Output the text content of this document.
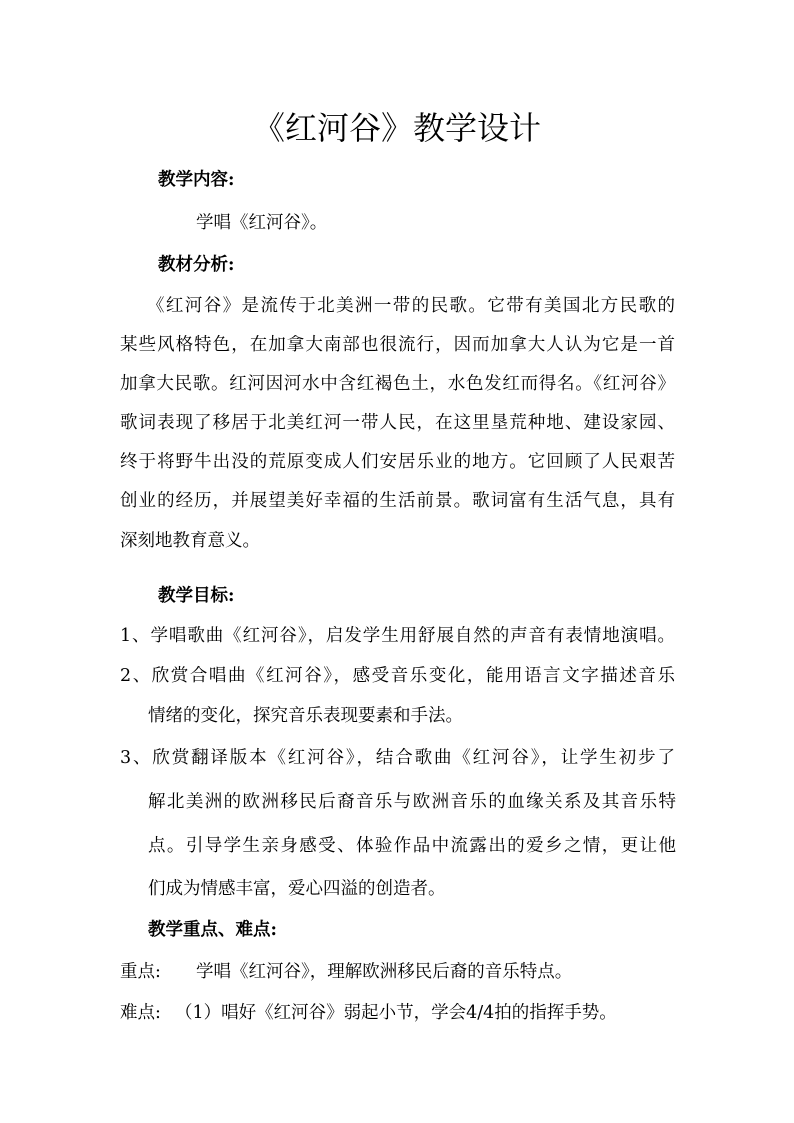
《红河谷》教学设计
教学内容:
学唱《红河谷》。
教材分析:
《红河谷》是流传于北美洲一带的民歌。它带有美国北方民歌的
某些风格特色，在加拿大南部也很流行，因而加拿大人认为它是一首
加拿大民歌。红河因河水中含红褐色土，水色发红而得名。《红河谷》
歌词表现了移居于北美红河一带人民，在这里垦荒种地、建设家园、
终于将野牛出没的荒原变成人们安居乐业的地方。它回顾了人民艰苦
创业的经历，并展望美好幸福的生活前景。歌词富有生活气息，具有
深刻地教育意义。
教学目标:
1、学唱歌曲《红河谷》，启发学生用舒展自然的声音有表情地演唱。
2、欣赏合唱曲《红河谷》，感受音乐变化，能用语言文字描述音乐
情绪的变化，探究音乐表现要素和手法。
3、欣赏翻译版本《红河谷》，结合歌曲《红河谷》，让学生初步了
解北美洲的欧洲移民后裔音乐与欧洲音乐的血缘关系及其音乐特
点。引导学生亲身感受、体验作品中流露出的爱乡之情，更让他
们成为情感丰富，爱心四溢的创造者。
教学重点、难点:
重点: 学唱《红河谷》，理解欧洲移民后裔的音乐特点。
难点: （1）唱好《红河谷》弱起小节，学会4/4拍的指挥手势。
